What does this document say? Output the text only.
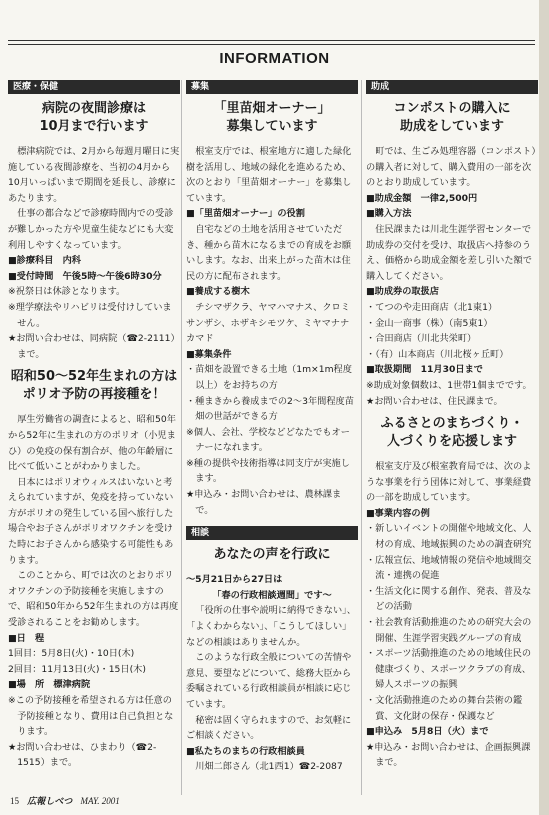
INFORMATION
医療・保健
病院の夜間診療は
10月まで行います

標津病院では、2月から毎週月曜日に実施している夜間診療を、当初の4月から10月いっぱいまで期間を延長し、診療にあたります。

仕事の都合などで診療時間内での受診が難しかった方や児童生徒などにも大変利用しやすくなっています。

■診療科目　内科
■受付時間　午後5時～午後6時30分
※祝祭日は休診となります。
※理学療法やリハビリは受付けしていません。
★お問い合わせは、同病院（☎2-2111）まで。
昭和50～52年生まれの方は
ポリオ予防の再接種を！

厚生労働省の調査によると、昭和50年から52年に生まれの方のポリオ（小児まひ）の免疫の保有割合が、他の年齢層に比べて低いことがわかりました。

日本にはポリオウィルスはいないと考えられていますが、免疫を持っていない方がポリオの発生している国へ旅行した場合やお子さんがポリオワクチンを受けた時にお子さんから感染する可能性もあります。

このことから、町では次のとおりポリオワクチンの予防接種を実施しますので、昭和50年から52年生まれの方は再度受診されることをお勧めします。

■日　程
1回目：5月8日(火)・10日(木)
2回目：11月13日(火)・15日(木)
■場　所　標津病院
※この予防接種を希望される方は任意の予防接種となり、費用は自己負担となります。
★お問い合わせは、ひまわり（☎2-1515）まで。
募集
「里苗畑オーナー」
募集しています

根室支庁では、根室地方に適した緑化樹を活用し、地域の緑化を進めるため、次のとおり「里苗畑オーナー」を募集しています。

■「里苗畑オーナー」の役割

自宅などの土地を活用させていただき、種から苗木になるまでの育成をお願いします。なお、出来上がった苗木は住民の方に配布されます。

■養成する樹木

チシマザクラ、ヤマハマナス、クロミサンザシ、ホザキシモツケ、ミヤマナナカマド

■募集条件
・苗畑を設置できる土地（1m×1m程度以上）をお持ちの方
・種まきから養成までの2～3年間程度苗畑の世話ができる方
※個人、会社、学校などどなたでもオーナーになれます。
※種の提供や技術指導は同支庁が実施します。
★申込み・お問い合わせは、農林課まで。
相談
あなたの声を行政に
～5月21日から27日は
「春の行政相談週間」です～

「役所の仕事や説明に納得できない」、「よくわからない」、「こうしてほしい」などの相談はありませんか。

このような行政全般についての苦情や意見、要望などについて、総務大臣から委嘱されている行政相談員が相談に応じています。

秘密は固く守られますので、お気軽にご相談ください。

■私たちのまちの行政相談員

川畑二郎さん（北1西1）☎2-2087

助成
コンポストの購入に
助成をしています

町では、生ごみ処理容器（コンポスト）の購入者に対して、購入費用の一部を次のとおり助成しています。

■助成金額　一律2,500円
■購入方法

住民課または川北生涯学習センターで助成券の交付を受け、取扱店へ持参のうえ、価格から助成金額を差し引いた額で購入してください。

■助成券の取扱店
・てつのや走田商店（北1東1）
・金山一商事（株）（南5東1）
・合田商店（川北共栄町）
・（有）山本商店（川北桜ヶ丘町）
■取扱期間　11月30日まで
※助成対象個数は、1世帯1個までです。
★お問い合わせは、住民課まで。
ふるさとのまちづくり・
人づくりを応援します

根室支庁及び根室教育局では、次のような事業を行う団体に対して、事業経費の一部を助成しています。

■事業内容の例
・新しいイベントの開催や地域文化、人材の育成、地域振興のための調査研究
・広報宣伝、地域情報の発信や地域間交流・連携の促進
・生活文化に関する創作、発表、普及などの活動
・社会教育活動推進のための研究大会の開催、生涯学習実践グループの育成
・スポーツ活動推進のための地域住民の健康づくり、スポーツクラブの育成、婦人スポーツの振興
・文化活動推進のための舞台芸術の鑑賞、文化財の保存・保護など
■申込み　5月8日（火）まで
★申込み・お問い合わせは、企画振興課まで。
15 広報しべつ MAY. 2001
